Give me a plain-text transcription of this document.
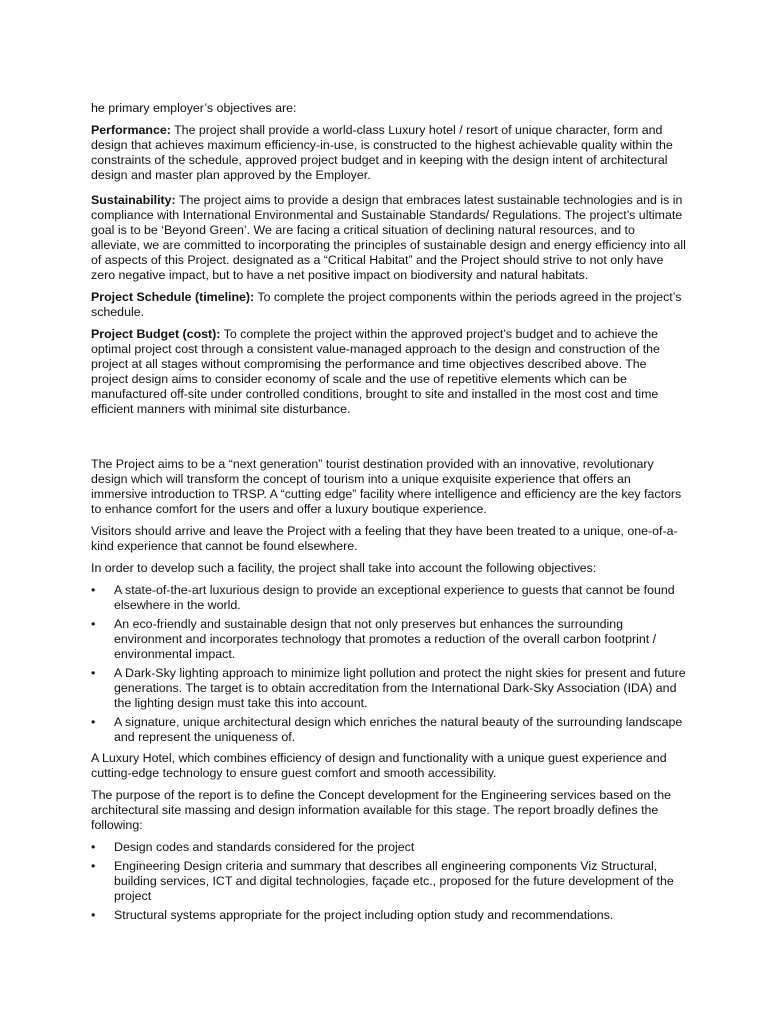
he primary employer’s objectives are:

Performance: The project shall provide a world-class Luxury hotel / resort of unique character, form and design that achieves maximum efficiency-in-use, is constructed to the highest achievable quality within the constraints of the schedule, approved project budget and in keeping with the design intent of architectural design and master plan approved by the Employer.

Sustainability: The project aims to provide a design that embraces latest sustainable technologies and is in compliance with International Environmental and Sustainable Standards/ Regulations. The project’s ultimate goal is to be ‘Beyond Green’. We are facing a critical situation of declining natural resources, and to alleviate, we are committed to incorporating the principles of sustainable design and energy efficiency into all of aspects of this Project. designated as a “Critical Habitat” and the Project should strive to not only have zero negative impact, but to have a net positive impact on biodiversity and natural habitats.

Project Schedule (timeline): To complete the project components within the periods agreed in the project’s schedule.

Project Budget (cost): To complete the project within the approved project’s budget and to achieve the optimal project cost through a consistent value-managed approach to the design and construction of the project at all stages without compromising the performance and time objectives described above. The project design aims to consider economy of scale and the use of repetitive elements which can be manufactured off-site under controlled conditions, brought to site and installed in the most cost and time efficient manners with minimal site disturbance.

The Project aims to be a “next generation” tourist destination provided with an innovative, revolutionary design which will transform the concept of tourism into a unique exquisite experience that offers an immersive introduction to TRSP. A “cutting edge” facility where intelligence and efficiency are the key factors to enhance comfort for the users and offer a luxury boutique experience.

Visitors should arrive and leave the Project with a feeling that they have been treated to a unique, one-of-a-kind experience that cannot be found elsewhere.

In order to develop such a facility, the project shall take into account the following objectives:

• A state-of-the-art luxurious design to provide an exceptional experience to guests that cannot be found elsewhere in the world.
• An eco-friendly and sustainable design that not only preserves but enhances the surrounding environment and incorporates technology that promotes a reduction of the overall carbon footprint / environmental impact.
• A Dark-Sky lighting approach to minimize light pollution and protect the night skies for present and future generations. The target is to obtain accreditation from the International Dark-Sky Association (IDA) and the lighting design must take this into account.
• A signature, unique architectural design which enriches the natural beauty of the surrounding landscape and represent the uniqueness of.

A Luxury Hotel, which combines efficiency of design and functionality with a unique guest experience and cutting-edge technology to ensure guest comfort and smooth accessibility.

The purpose of the report is to define the Concept development for the Engineering services based on the architectural site massing and design information available for this stage. The report broadly defines the following:

• Design codes and standards considered for the project
• Engineering Design criteria and summary that describes all engineering components Viz Structural, building services, ICT and digital technologies, façade etc., proposed for the future development of the project
• Structural systems appropriate for the project including option study and recommendations.
